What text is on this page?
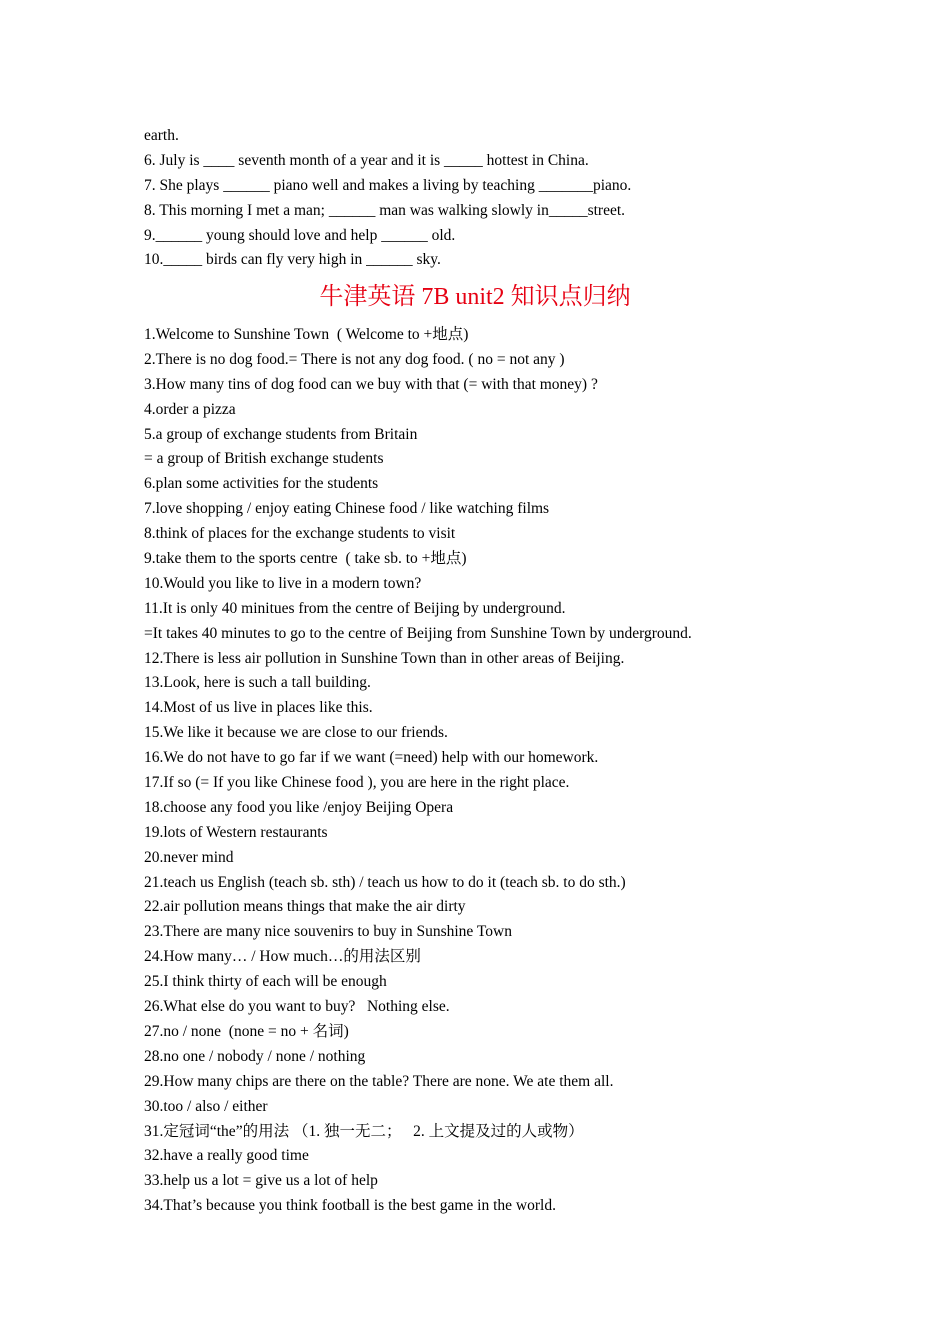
earth.
6. July is ____ seventh month of a year and it is _____ hottest in China.
7. She plays ______ piano well and makes a living by teaching _______piano.
8. This morning I met a man; ______ man was walking slowly in_____street.
9.______ young should love and help ______ old.
10._____ birds can fly very high in ______ sky.
牛津英语 7B unit2 知识点归纳
1.Welcome to Sunshine Town  ( Welcome to +地点)
2.There is no dog food.= There is not any dog food. ( no = not any )
3.How many tins of dog food can we buy with that (= with that money) ?
4.order a pizza
5.a group of exchange students from Britain
= a group of British exchange students
6.plan some activities for the students
7.love shopping / enjoy eating Chinese food / like watching films
8.think of places for the exchange students to visit
9.take them to the sports centre  ( take sb. to +地点)
10.Would you like to live in a modern town?
11.It is only 40 minitues from the centre of Beijing by underground.
=It takes 40 minutes to go to the centre of Beijing from Sunshine Town by underground.
12.There is less air pollution in Sunshine Town than in other areas of Beijing.
13.Look, here is such a tall building.
14.Most of us live in places like this.
15.We like it because we are close to our friends.
16.We do not have to go far if we want (=need) help with our homework.
17.If so (= If you like Chinese food ), you are here in the right place.
18.choose any food you like /enjoy Beijing Opera
19.lots of Western restaurants
20.never mind
21.teach us English (teach sb. sth) / teach us how to do it (teach sb. to do sth.)
22.air pollution means things that make the air dirty
23.There are many nice souvenirs to buy in Sunshine Town
24.How many… / How much…的用法区别
25.I think thirty of each will be enough
26.What else do you want to buy?   Nothing else.
27.no / none  (none = no + 名词)
28.no one / nobody / none / nothing
29.How many chips are there on the table? There are none. We ate them all.
30.too / also / either
31.定冠词“the”的用法 （1. 独一无二；   2. 上文提及过的人或物）
32.have a really good time
33.help us a lot = give us a lot of help
34.That’s because you think football is the best game in the world.
